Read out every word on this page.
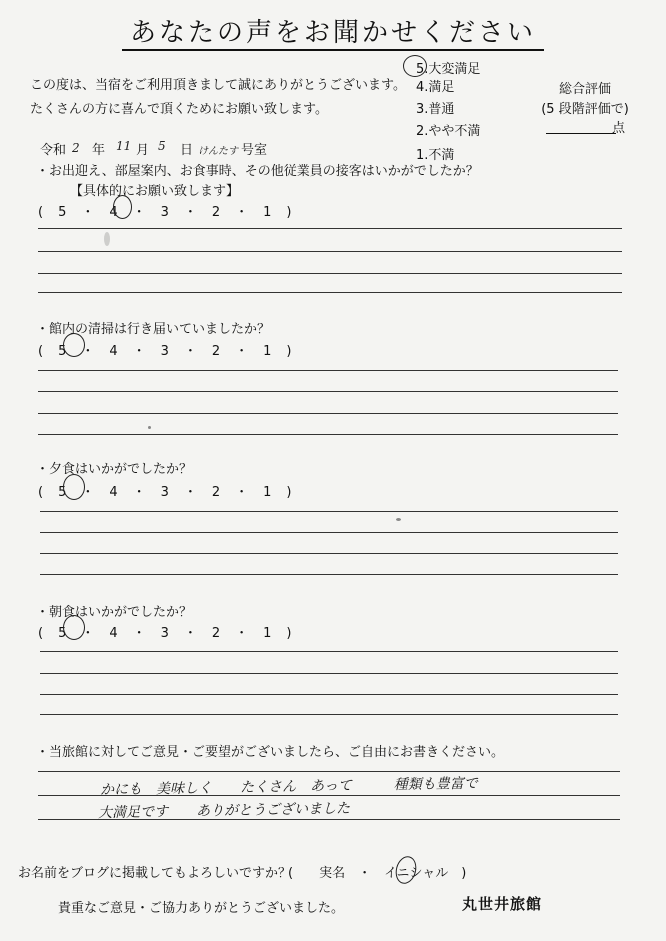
あなたの声をお聞かせください
この度は、当宿をご利用頂きまして誠にありがとうございます。
たくさんの方に喜んで頂くためにお願い致します。
5.大変満足
4.満足
3.普通
2.やや不満
1.不満
総合評価
(5 段階評価で)
点
令和 2 年 11 月 5 日 けんたす 号室
・お出迎え、部屋案内、お食事時、その他従業員の接客はいかがでしたか？
【具体的にお願い致します】
(　5　・　4　・　3　・　2　・　1　)
・館内の清掃は行き届いていましたか？
(　5　・　4　・　3　・　2　・　1　)
・夕食はいかがでしたか？
(　5　・　4　・　3　・　2　・　1　)
・朝食はいかがでしたか？
(　5　・　4　・　3　・　2　・　1　)
・当旅館に対してご意見・ご要望がございましたら、ご自由にお書きください。
かにも　美味しく　　たくさん　あって　　　種類も豊富で
大満足です　　ありがとうございました
お名前をブログに掲載してもよろしいですか？
(　　実名　・　イニシャル　)
貴重なご意見・ご協力ありがとうございました。	丸世井旅館
